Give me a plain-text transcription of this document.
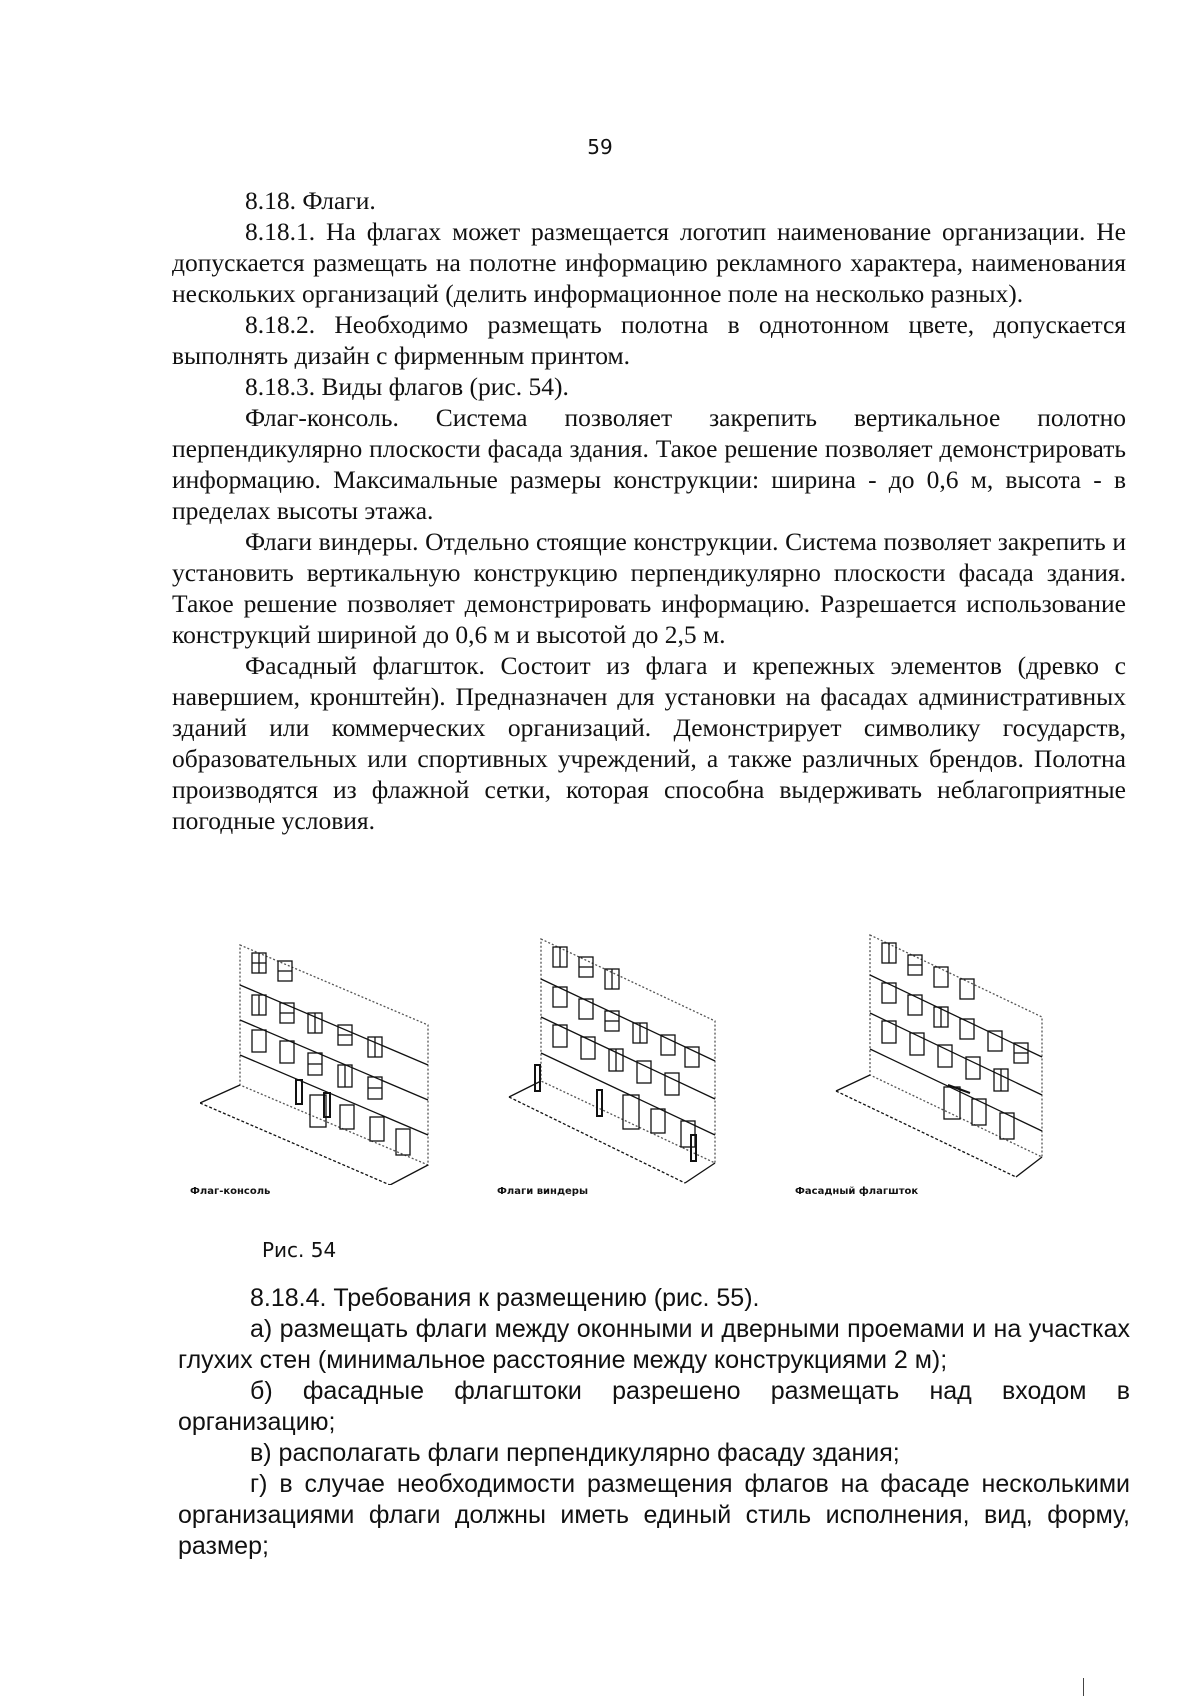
59

8.18. Флаги.

8.18.1. На флагах может размещается логотип наименование организации. Не допускается размещать на полотне информацию рекламного характера, наименования нескольких организаций (делить информационное поле на несколько разных).

8.18.2. Необходимо размещать полотна в однотонном цвете, допускается выполнять дизайн с фирменным принтом.

8.18.3. Виды флагов (рис. 54).

Флаг-консоль. Система позволяет закрепить вертикальное полотно перпендикулярно плоскости фасада здания. Такое решение позволяет демонстрировать информацию. Максимальные размеры конструкции: ширина - до 0,6 м, высота - в пределах высоты этажа.

Флаги виндеры. Отдельно стоящие конструкции. Система позволяет закрепить и установить вертикальную конструкцию перпендикулярно плоскости фасада здания. Такое решение позволяет демонстрировать информацию. Разрешается использование конструкций шириной до 0,6 м и высотой до 2,5 м.

Фасадный флагшток. Состоит из флага и крепежных элементов (древко с навершием, кронштейн). Предназначен для установки на фасадах административных зданий или коммерческих организаций. Демонстрирует символику государств, образовательных или спортивных учреждений, а также различных брендов. Полотна производятся из флажной сетки, которая способна выдерживать неблагоприятные погодные условия.

Флаг-консоль	Флаги виндеры	Фасадный флагшток
Рис. 54

8.18.4. Требования к размещению (рис. 55).

а) размещать флаги между оконными и дверными проемами и на участках глухих стен (минимальное расстояние между конструкциями 2 м);

б) фасадные флагштоки разрешено размещать над входом в организацию;

в) располагать флаги перпендикулярно фасаду здания;

г) в случае необходимости размещения флагов на фасаде несколькими организациями флаги должны иметь единый стиль исполнения, вид, форму, размер;
